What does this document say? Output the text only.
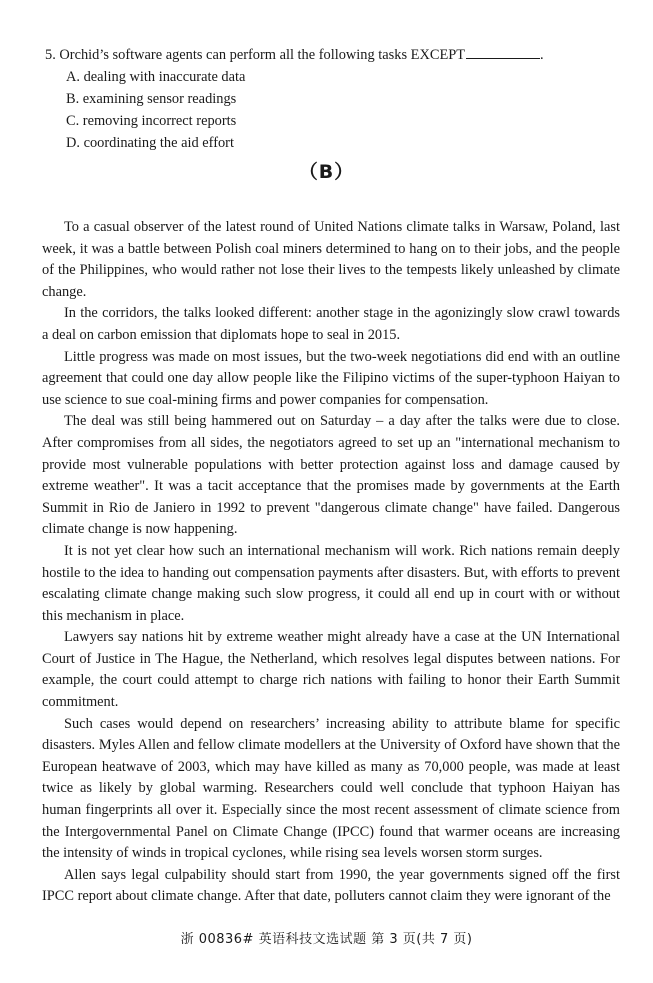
5. Orchid’s software agents can perform all the following tasks EXCEPT	.

A. dealing with inaccurate data
B. examining sensor readings
C. removing incorrect reports
D. coordinating the aid effort
（B）

To a casual observer of the latest round of United Nations climate talks in Warsaw, Poland, last week, it was a battle between Polish coal miners determined to hang on to their jobs, and the people of the Philippines, who would rather not lose their lives to the tempests likely unleashed by climate change.

In the corridors, the talks looked different: another stage in the agonizingly slow crawl towards a deal on carbon emission that diplomats hope to seal in 2015.

Little progress was made on most issues, but the two-week negotiations did end with an outline agreement that could one day allow people like the Filipino victims of the super-typhoon Haiyan to use science to sue coal-mining firms and power companies for compensation.

The deal was still being hammered out on Saturday – a day after the talks were due to close. After compromises from all sides, the negotiators agreed to set up an "international mechanism to provide most vulnerable populations with better protection against loss and damage caused by extreme weather". It was a tacit acceptance that the promises made by governments at the Earth Summit in Rio de Janiero in 1992 to prevent "dangerous climate change" have failed. Dangerous climate change is now happening.

It is not yet clear how such an international mechanism will work. Rich nations remain deeply hostile to the idea to handing out compensation payments after disasters. But, with efforts to prevent escalating climate change making such slow progress, it could all end up in court with or without this mechanism in place.

Lawyers say nations hit by extreme weather might already have a case at the UN International Court of Justice in The Hague, the Netherland, which resolves legal disputes between nations. For example, the court could attempt to charge rich nations with failing to honor their Earth Summit commitment.

Such cases would depend on researchers’ increasing ability to attribute blame for specific disasters. Myles Allen and fellow climate modellers at the University of Oxford have shown that the European heatwave of 2003, which may have killed as many as 70,000 people, was made at least twice as likely by global warming. Researchers could well conclude that typhoon Haiyan has human fingerprints all over it. Especially since the most recent assessment of climate science from the Intergovernmental Panel on Climate Change (IPCC) found that warmer oceans are increasing the intensity of winds in tropical cyclones, while rising sea levels worsen storm surges.

Allen says legal culpability should start from 1990, the year governments signed off the first IPCC report about climate change. After that date, polluters cannot claim they were ignorant of the

浙 00836# 英语科技文选试题 第 3 页(共 7 页)
